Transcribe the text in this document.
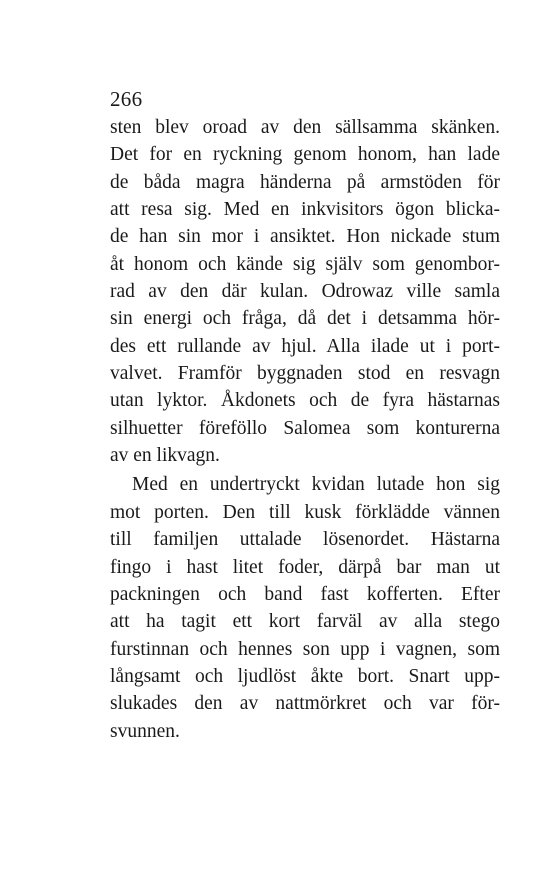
266
sten blev oroad av den sällsamma skänken.
Det for en ryckning genom honom, han lade
de båda magra händerna på armstöden för
att resa sig. Med en inkvisitors ögon blicka-
de han sin mor i ansiktet. Hon nickade stum
åt honom och kände sig själv som genombor-
rad av den där kulan. Odrowaz ville samla
sin energi och fråga, då det i detsamma hör-
des ett rullande av hjul. Alla ilade ut i port-
valvet. Framför byggnaden stod en resvagn
utan lyktor. Åkdonets och de fyra hästarnas
silhuetter föreföllo Salomea som konturerna
av en likvagn.
Med en undertryckt kvidan lutade hon sig
mot porten. Den till kusk förklädde vännen
till familjen uttalade lösenordet. Hästarna
fingo i hast litet foder, därpå bar man ut
packningen och band fast kofferten. Efter
att ha tagit ett kort farväl av alla stego
furstinnan och hennes son upp i vagnen, som
långsamt och ljudlöst åkte bort. Snart upp-
slukades den av nattmörkret och var för-
svunnen.
